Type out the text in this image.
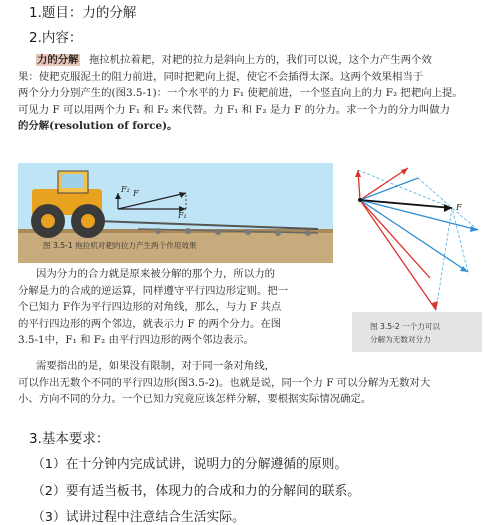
1.题目：力的分解
2.内容：
力的分解 拖拉机拉着耙，对耙的拉力是斜向上方的，我们可以说，这个力产生两个效
果：使耙克服泥土的阻力前进，同时把耙向上提，使它不会插得太深。这两个效果相当于
两个分力分别产生的(图3.5-1)：一个水平的力 F₁ 使耙前进，一个竖直向上的力 F₂ 把耙向上提。
可见力 F 可以用两个力 F₁ 和 F₂ 来代替。力 F₁ 和 F₂ 是力 F 的分力。求一个力的分力叫做力
的分解(resolution of force)。
F
F₁
F₂
图 3.5-1 拖拉机对耙的拉力产生两个作用效果
F
图 3.5-2 一个力可以
分解为无数对分力
因为分力的合力就是原来被分解的那个力，所以力的
分解是力的合成的逆运算，同样遵守平行四边形定则。把一
个已知力 F作为平行四边形的对角线，那么，与力 F 共点
的平行四边形的两个邻边，就表示力 F 的两个分力。在图
3.5-1中，F₁ 和 F₂ 由平行四边形的两个邻边表示。
需要指出的是，如果没有限制，对于同一条对角线，
可以作出无数个不同的平行四边形(图3.5-2)。也就是说，同一个力 F 可以分解为无数对大
小、方向不同的分力。一个已知力究竟应该怎样分解，要根据实际情况确定。
3.基本要求：
（1）在十分钟内完成试讲，说明力的分解遵循的原则。
（2）要有适当板书，体现力的合成和力的分解间的联系。
（3）试讲过程中注意结合生活实际。
